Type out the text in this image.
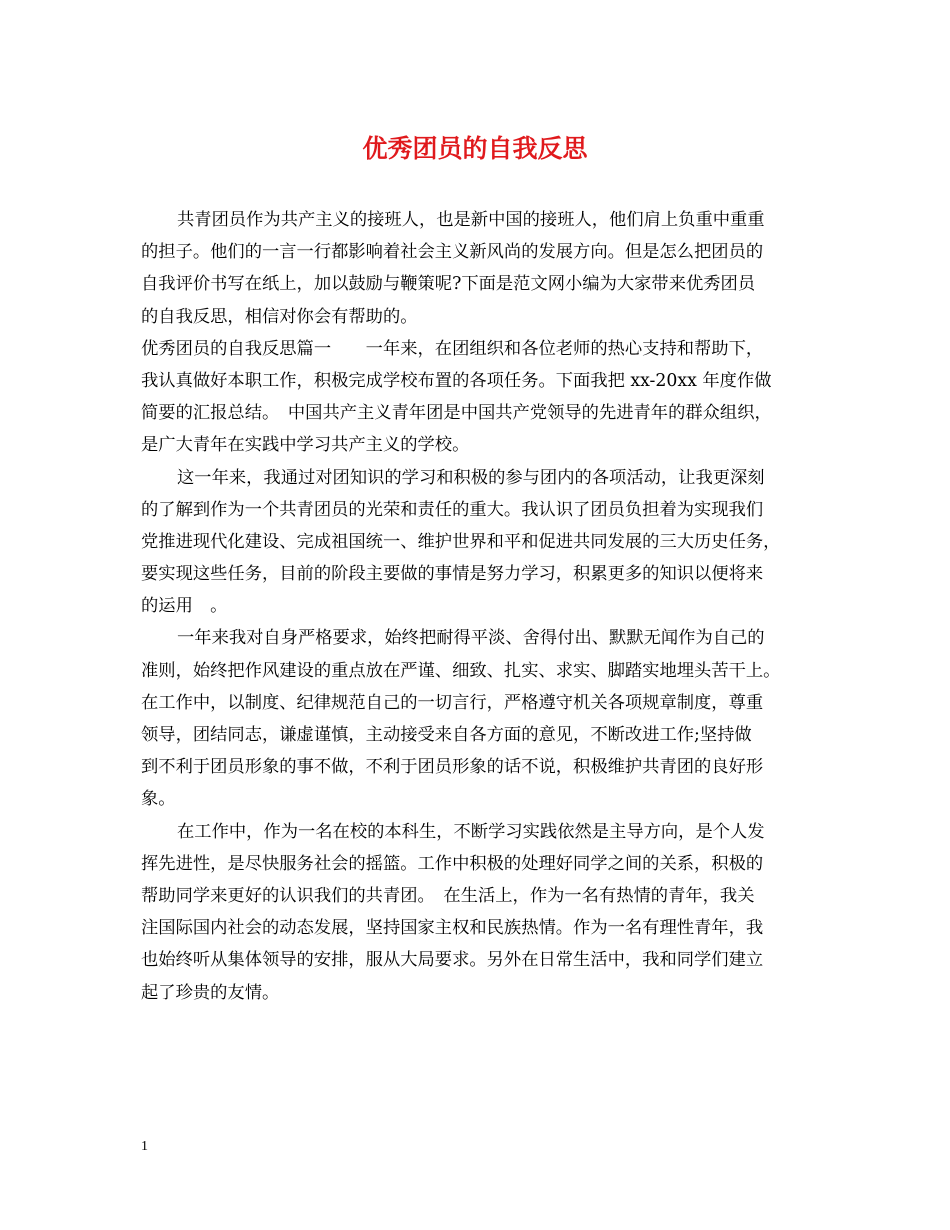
优秀团员的自我反思
共青团员作为共产主义的接班人，也是新中国的接班人，他们肩上负重中重重
的担子。他们的一言一行都影响着社会主义新风尚的发展方向。但是怎么把团员的
自我评价书写在纸上，加以鼓励与鞭策呢?下面是范文网小编为大家带来优秀团员
的自我反思，相信对你会有帮助的。
优秀团员的自我反思篇一　　一年来，在团组织和各位老师的热心支持和帮助下，
我认真做好本职工作，积极完成学校布置的各项任务。下面我把 xx-20xx 年度作做
简要的汇报总结。　中国共产主义青年团是中国共产党领导的先进青年的群众组织，
是广大青年在实践中学习共产主义的学校。
这一年来，我通过对团知识的学习和积极的参与团内的各项活动，让我更深刻
的了解到作为一个共青团员的光荣和责任的重大。我认识了团员负担着为实现我们
党推进现代化建设、完成祖国统一、维护世界和平和促进共同发展的三大历史任务，
要实现这些任务，目前的阶段主要做的事情是努力学习，积累更多的知识以便将来
的运用　。
一年来我对自身严格要求，始终把耐得平淡、舍得付出、默默无闻作为自己的
准则，始终把作风建设的重点放在严谨、细致、扎实、求实、脚踏实地埋头苦干上。
在工作中，以制度、纪律规范自己的一切言行，严格遵守机关各项规章制度，尊重
领导，团结同志，谦虚谨慎，主动接受来自各方面的意见，不断改进工作;坚持做
到不利于团员形象的事不做，不利于团员形象的话不说，积极维护共青团的良好形
象。
在工作中，作为一名在校的本科生，不断学习实践依然是主导方向，是个人发
挥先进性，是尽快服务社会的摇篮。工作中积极的处理好同学之间的关系，积极的
帮助同学来更好的认识我们的共青团。　在生活上，作为一名有热情的青年，我关
注国际国内社会的动态发展，坚持国家主权和民族热情。作为一名有理性青年，我
也始终听从集体领导的安排，服从大局要求。另外在日常生活中，我和同学们建立
起了珍贵的友情。
1
